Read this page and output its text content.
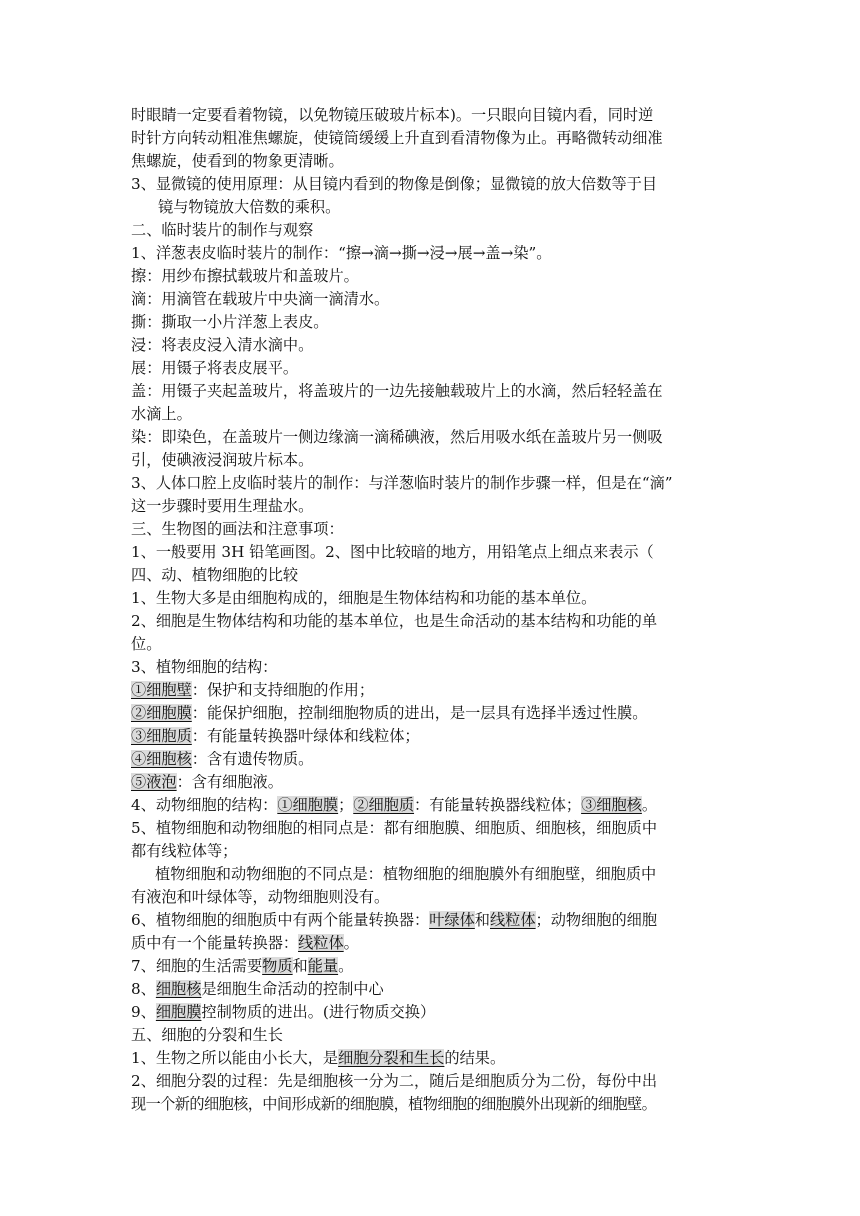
时眼睛一定要看着物镜，以免物镜压破玻片标本)。一只眼向目镜内看，同时逆
时针方向转动粗准焦螺旋，使镜筒缓缓上升直到看清物像为止。再略微转动细准
焦螺旋，使看到的物象更清晰。
3、显微镜的使用原理：从目镜内看到的物像是倒像；显微镜的放大倍数等于目
镜与物镜放大倍数的乘积。
二、临时装片的制作与观察
1、洋葱表皮临时装片的制作：“擦→滴→撕→浸→展→盖→染”。
擦：用纱布擦拭载玻片和盖玻片。
滴：用滴管在载玻片中央滴一滴清水。
撕：撕取一小片洋葱上表皮。
浸：将表皮浸入清水滴中。
展：用镊子将表皮展平。
盖：用镊子夹起盖玻片，将盖玻片的一边先接触载玻片上的水滴，然后轻轻盖在
水滴上。
染：即染色，在盖玻片一侧边缘滴一滴稀碘液，然后用吸水纸在盖玻片另一侧吸
引，使碘液浸润玻片标本。
3、人体口腔上皮临时装片的制作：与洋葱临时装片的制作步骤一样，但是在“滴”
这一步骤时要用生理盐水。
三、生物图的画法和注意事项：
1、一般要用 3H 铅笔画图。2、图中比较暗的地方，用铅笔点上细点来表示（
四、动、植物细胞的比较
1、生物大多是由细胞构成的，细胞是生物体结构和功能的基本单位。
2、细胞是生物体结构和功能的基本单位，也是生命活动的基本结构和功能的单
位。
3、植物细胞的结构：
①细胞壁：保护和支持细胞的作用；
②细胞膜：能保护细胞，控制细胞物质的进出，是一层具有选择半透过性膜。
③细胞质：有能量转换器叶绿体和线粒体；
④细胞核：含有遗传物质。
⑤液泡：含有细胞液。
4、动物细胞的结构：①细胞膜；②细胞质：有能量转换器线粒体；③细胞核。
5、植物细胞和动物细胞的相同点是：都有细胞膜、细胞质、细胞核，细胞质中
都有线粒体等；
植物细胞和动物细胞的不同点是：植物细胞的细胞膜外有细胞壁，细胞质中
有液泡和叶绿体等，动物细胞则没有。
6、植物细胞的细胞质中有两个能量转换器：叶绿体和线粒体；动物细胞的细胞
质中有一个能量转换器：线粒体。
7、细胞的生活需要物质和能量。
8、细胞核是细胞生命活动的控制中心
9、细胞膜控制物质的进出。(进行物质交换）
五、细胞的分裂和生长
1、生物之所以能由小长大，是细胞分裂和生长的结果。
2、细胞分裂的过程：先是细胞核一分为二，随后是细胞质分为二份，每份中出
现一个新的细胞核，中间形成新的细胞膜，植物细胞的细胞膜外出现新的细胞壁。
